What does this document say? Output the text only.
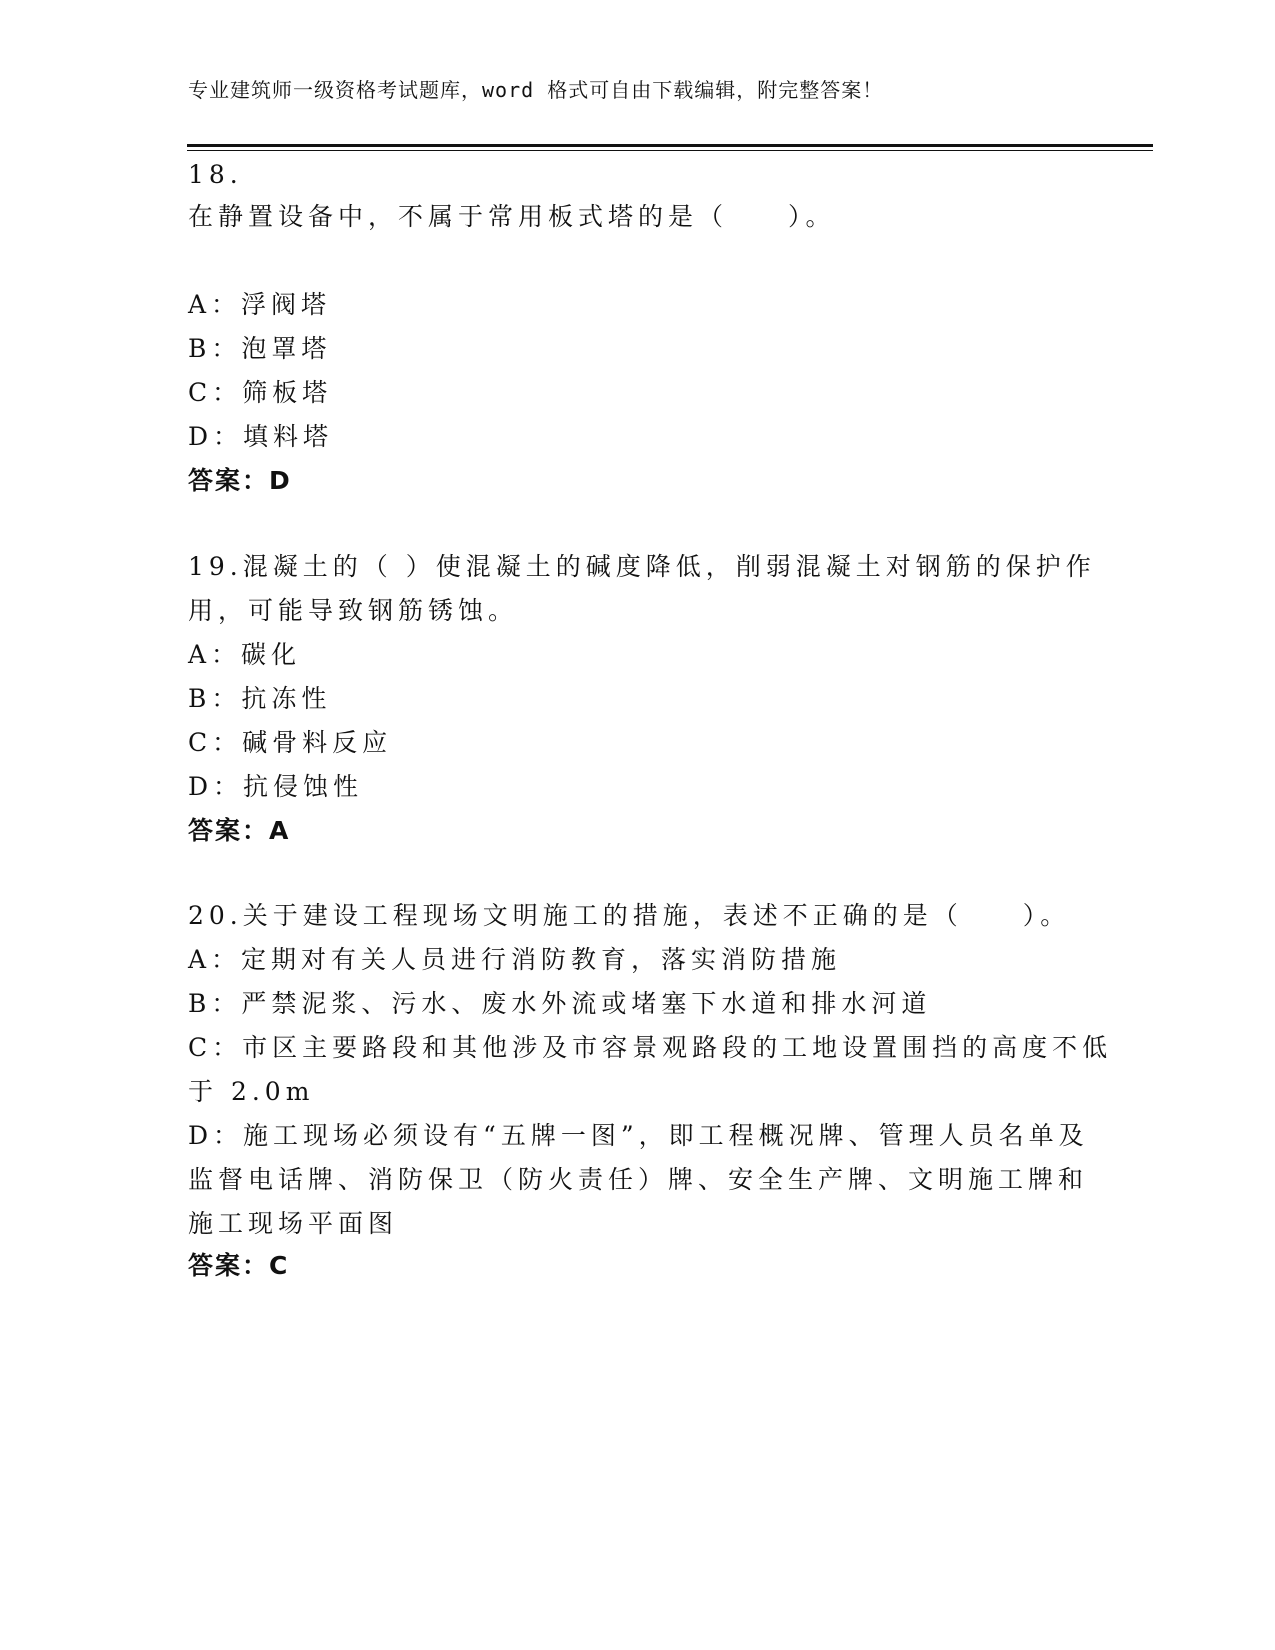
专业建筑师一级资格考试题库，word 格式可自由下载编辑，附完整答案！
18.
在静置设备中，不属于常用板式塔的是（　　）。
A：浮阀塔
B：泡罩塔
C：筛板塔
D：填料塔
答案：D
19.混凝土的（ ）使混凝土的碱度降低，削弱混凝土对钢筋的保护作
用，可能导致钢筋锈蚀。
A：碳化
B：抗冻性
C：碱骨料反应
D：抗侵蚀性
答案：A
20.关于建设工程现场文明施工的措施，表述不正确的是（　　）。
A：定期对有关人员进行消防教育，落实消防措施
B：严禁泥浆、污水、废水外流或堵塞下水道和排水河道
C：市区主要路段和其他涉及市容景观路段的工地设置围挡的高度不低
于 2.0m
D：施工现场必须设有“五牌一图”，即工程概况牌、管理人员名单及
监督电话牌、消防保卫（防火责任）牌、安全生产牌、文明施工牌和
施工现场平面图
答案：C
